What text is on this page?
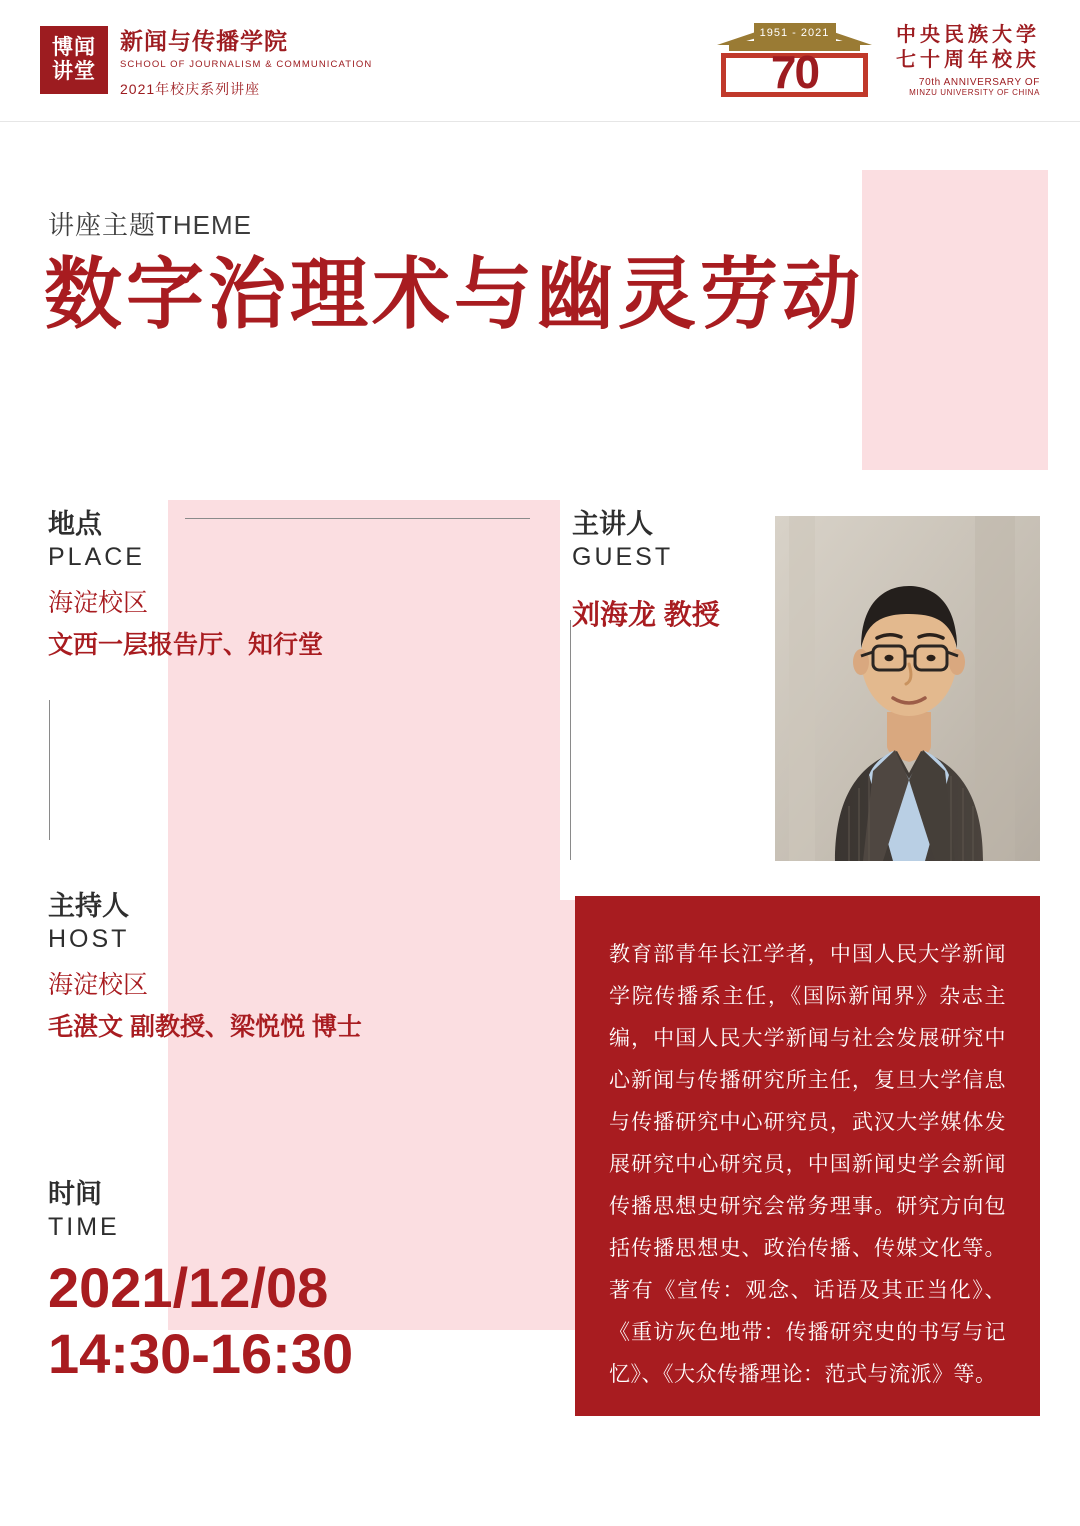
博闻
讲堂
新闻与传播学院
SCHOOL OF JOURNALISM & COMMUNICATION
2021年校庆系列讲座
1951 - 2021
70
中央民族大学
七十周年校庆
70th ANNIVERSARY OF
MINZU UNIVERSITY OF CHINA
讲座主题THEME
数字治理术与幽灵劳动
地点
PLACE
海淀校区
文西一层报告厅、知行堂
主讲人
GUEST
刘海龙 教授
主持人
HOST
海淀校区
毛湛文 副教授、梁悦悦 博士
时间
TIME
2021/12/08
14:30-16:30
教育部青年长江学者，中国人民大学新闻学院传播系主任，《国际新闻界》杂志主编，中国人民大学新闻与社会发展研究中心新闻与传播研究所主任，复旦大学信息与传播研究中心研究员，武汉大学媒体发展研究中心研究员，中国新闻史学会新闻传播思想史研究会常务理事。研究方向包括传播思想史、政治传播、传媒文化等。著有《宣传：观念、话语及其正当化》、《重访灰色地带：传播研究史的书写与记忆》、《大众传播理论：范式与流派》等。
